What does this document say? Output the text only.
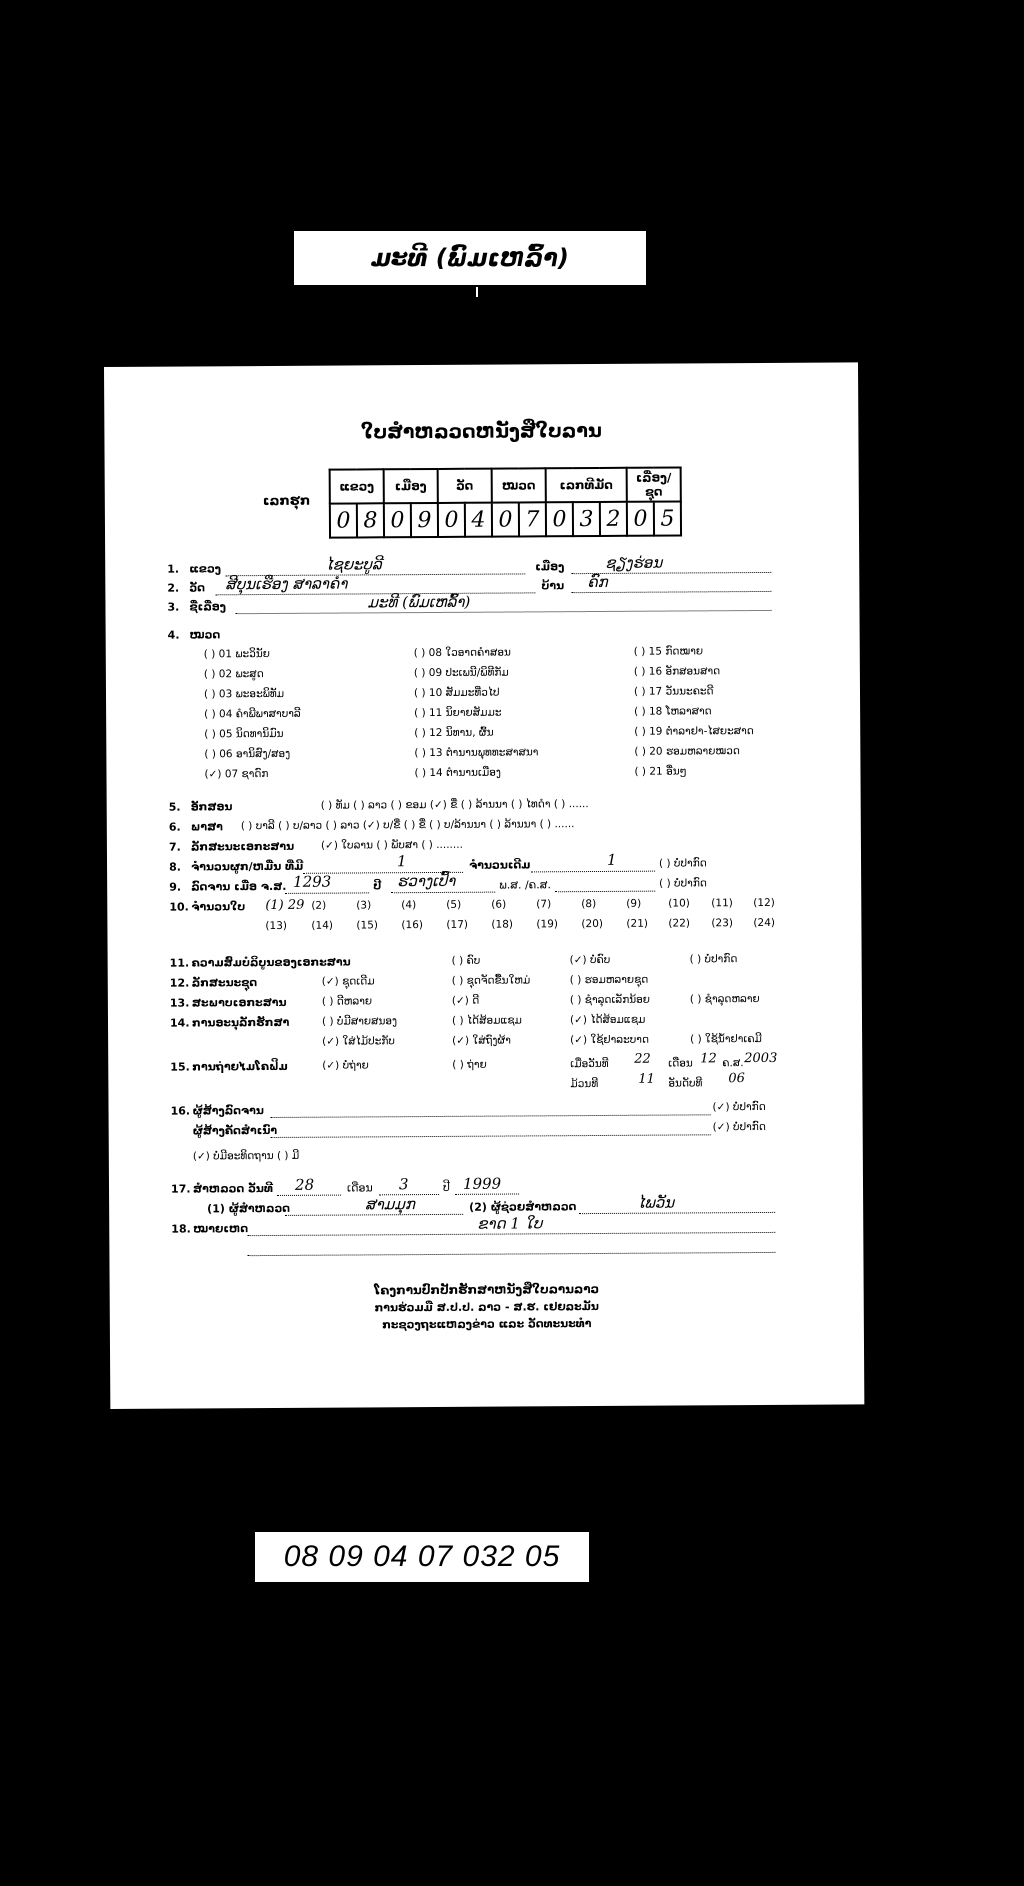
ມະທີ (ພົມເຫລົ້າ)
ໃບສຳຫລວດຫນັງສືໃບລານ
ເລກຮຸກ
ແຂວງ		ເມືອງ		ວັດ		ໝວດ		ເລກທີມັດ			ເລື່ອງ/ຊຸດ	
0	8	0	9	0	4	0	7	0	3	2	0	5
1. ແຂວງ	ໄຊຍະບູລີ	ເມືອງ	ຊຽງຮ່ອນ
2. ວັດ ສີບຸນເຮືອງ ສາລາຄຳ	ບ້ານ ຄົກ
3. ຊື່ເລື່ອງ	ມະທີ (ພົມເຫລົ້າ)
4. ໝວດ
( ) 01 ພະວິນັຍ
( ) 02 ພະສູດ
( ) 03 ພະອະພິທັມ
( ) 04 ຄຳພີພາສາບາລີ
( ) 05 ນິດທານິມົນ
( ) 06 ອານິສົງ/ສອງ
(✓) 07 ຊາດົກ
( ) 08 ໃວອາດຄຳສອນ
( ) 09 ປະເພນີ/ພິທີກັມ
( ) 10 ສັມມະທີ່ວໄປ
( ) 11 ນິຍາຍສັມມະ
( ) 12 ນິທານ, ຜົ້ນ
( ) 13 ຕຳນານພຸທທະສາສນາ
( ) 14 ຕຳນານເມືອງ
( ) 15 ກົດໝາຍ
( ) 16 ອັກສອນສາດ
( ) 17 ວັນນະຄະດີ
( ) 18 ໂຫລາສາດ
( ) 19 ຕຳລາຢາ-ໄສຍະສາດ
( ) 20 ຮອມຫລາຍໝວດ
( ) 21 ອື່ນໆ
5. ອັກສອນ	( ) ທັມ ( ) ລາວ ( ) ຂອມ (✓) ຂື່ ( ) ລ້ານນາ ( ) ໄທດຳ ( ) ......
6. ພາສາ ( ) ບາລີ ( ) ບ/ລາວ ( ) ລາວ (✓) ບ/ຂື່ ( ) ຂື່ ( ) ບ/ລ້ານນາ ( ) ລ້ານນາ ( ) ......
7. ລັກສະນະເອກະສານ	(✓) ໃບລານ ( ) ພັບສາ ( ) ........
8. ຈຳນວນຜູກ/ຫມື່ນ ທີ່ມີ	1	ຈຳນວນເດີມ	1	( ) ບໍ່ປາກົດ
9. ລົດຈານ ເມື່ອ ຈ.ສ. 1293	ປີ ຮວາງເປົ້າ	ພ.ສ. /ຄ.ສ.	( ) ບໍ່ປາກົດ
10. ຈຳນວນໃບ (1) 29 (2)	(3)	(4)	(5)	(6)	(7)	(8)	(9)	(10) (11) (12)
(13) (14) (15) (16) (17) (18) (19) (20) (21) (22) (23) (24)
11. ຄວາມສົມບໍລິບູນຂອງເອກະສານ	( ) ຄົບ	(✓) ບໍ່ຄົບ	( ) ບໍ່ປາກົດ
12. ລັກສະນະຊຸດ	(✓) ຊຸດເດີມ	( ) ຊຸດຈັດຂື້ນໃຫມ່	( ) ຮອມຫລາຍຊຸດ
13. ສະພາບເອກະສານ	( ) ດີຫລາຍ	(✓) ດີ	( ) ຊຳລຸດເລັກນ້ອຍ	( ) ຊຳລຸດຫລາຍ
14. ການອະນຸລັກຮັກສາ	( ) ບໍ່ມີສາຍສນອງ	( ) ໄດ້ສ້ອມແຊມ	(✓) ໄດ້ສ້ອມແຊມ
(✓) ໃສ່ໄມ້ປະກັບ	(✓) ໃສ່ຖົງຜ້າ	(✓) ໃຊ້ຢາລະບາດ	( ) ໃຊ້ນ້ຳຢາເຄມີ
15. ການຖ່າຍໄມໂຄຟິມ	(✓) ບໍ່ຖ່າຍ	( ) ຖ່າຍ	ເມື່ອວັນທີ 22 ເດືອນ 12 ຄ.ສ. 2003
ມ້ວນທີ	11 ອັນດັບທີ 06
16. ຜູ້ສ້າງລົດຈານ	(✓) ບໍ່ປາກົດ
ຜູ້ສ້າງຄັດສຳເນົາ	(✓) ບໍ່ປາກົດ
(✓) ບໍ່ມີອະທິດຖານ ( ) ມີ
17. ສຳຫລວດ ວັນທີ 28	ເດືອນ 3	ປີ 1999
(1) ຜູ້ສຳຫລວດ	ສາມມຸກ	(2) ຜູ້ຊ່ວຍສຳຫລວດ	ໄພວັນ
18. ໝາຍເຫດ	ຂາດ 1 ໃບ
ໂຄງການປົກປັກຮັກສາຫນັງສືໃບລານລາວ
ການຮ່ວມມື ສ.ປ.ປ. ລາວ - ສ.ຮ. ເຢຍລະມັນ
ກະຊວງຖະແຫລງຂ່າວ ແລະ ວັດທະນະທຳ
08 09 04 07 032 05
